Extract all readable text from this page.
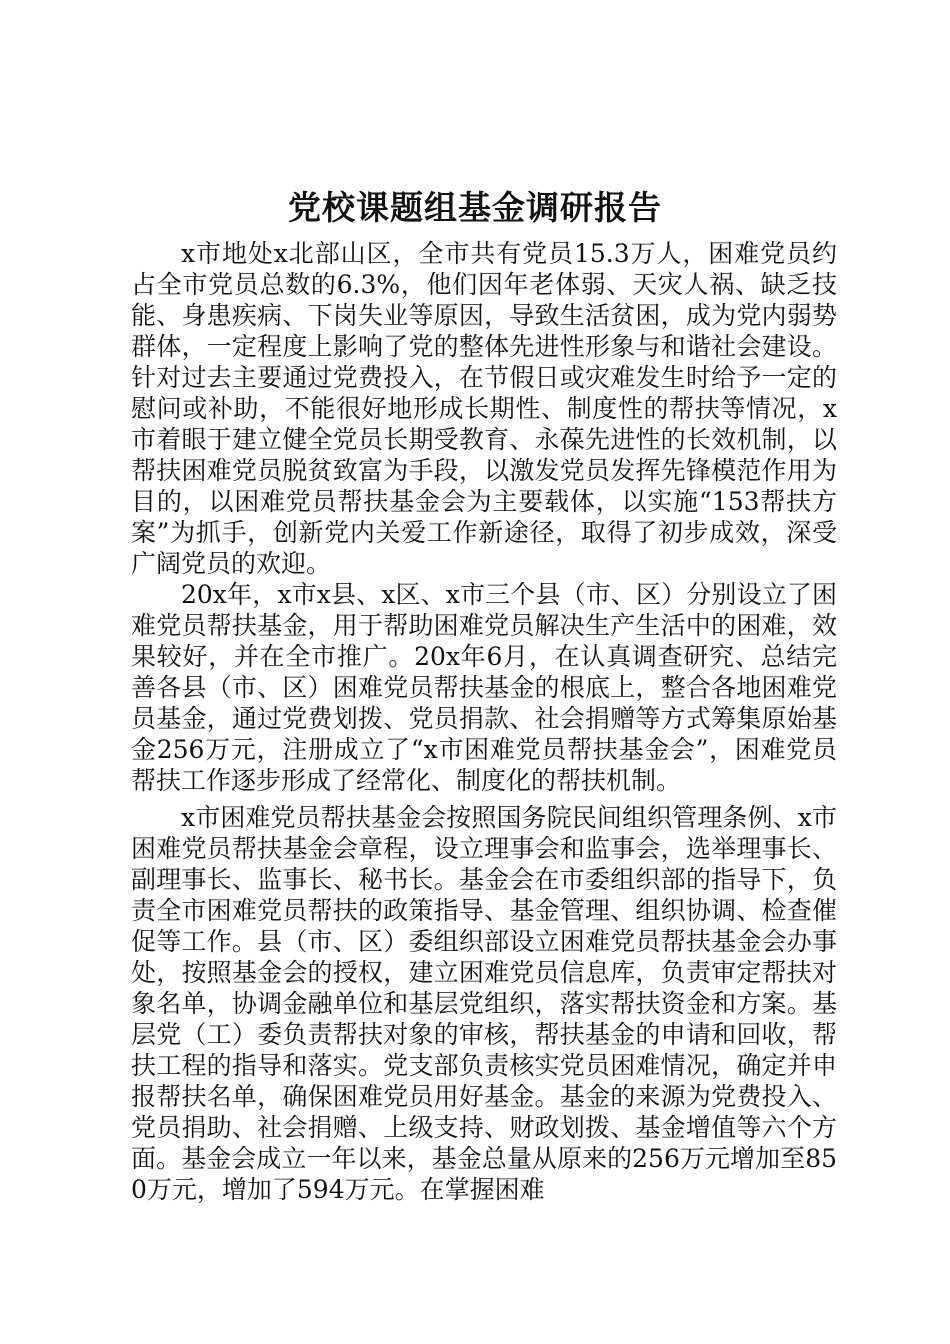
党校课题组基金调研报告

x市地处x北部山区，全市共有党员15.3万人，困难党员约占全市党员总数的6.3%，他们因年老体弱、天灾人祸、缺乏技能、身患疾病、下岗失业等原因，导致生活贫困，成为党内弱势群体，一定程度上影响了党的整体先进性形象与和谐社会建设。针对过去主要通过党费投入，在节假日或灾难发生时给予一定的慰问或补助，不能很好地形成长期性、制度性的帮扶等情况，x市着眼于建立健全党员长期受教育、永葆先进性的长效机制，以帮扶困难党员脱贫致富为手段，以激发党员发挥先锋模范作用为目的，以困难党员帮扶基金会为主要载体，以实施“153帮扶方案”为抓手，创新党内关爱工作新途径，取得了初步成效，深受广阔党员的欢迎。

20x年，x市x县、x区、x市三个县（市、区）分别设立了困难党员帮扶基金，用于帮助困难党员解决生产生活中的困难，效果较好，并在全市推广。20x年6月，在认真调查研究、总结完善各县（市、区）困难党员帮扶基金的根底上，整合各地困难党员基金，通过党费划拨、党员捐款、社会捐赠等方式筹集原始基金256万元，注册成立了“x市困难党员帮扶基金会”，困难党员帮扶工作逐步形成了经常化、制度化的帮扶机制。

x市困难党员帮扶基金会按照国务院民间组织管理条例、x市困难党员帮扶基金会章程，设立理事会和监事会，选举理事长、副理事长、监事长、秘书长。基金会在市委组织部的指导下，负责全市困难党员帮扶的政策指导、基金管理、组织协调、检查催促等工作。县（市、区）委组织部设立困难党员帮扶基金会办事处，按照基金会的授权，建立困难党员信息库，负责审定帮扶对象名单，协调金融单位和基层党组织，落实帮扶资金和方案。基层党（工）委负责帮扶对象的审核，帮扶基金的申请和回收，帮扶工程的指导和落实。党支部负责核实党员困难情况，确定并申报帮扶名单，确保困难党员用好基金。基金的来源为党费投入、党员捐助、社会捐赠、上级支持、财政划拨、基金增值等六个方面。基金会成立一年以来，基金总量从原来的256万元增加至850万元，增加了594万元。在掌握困难
